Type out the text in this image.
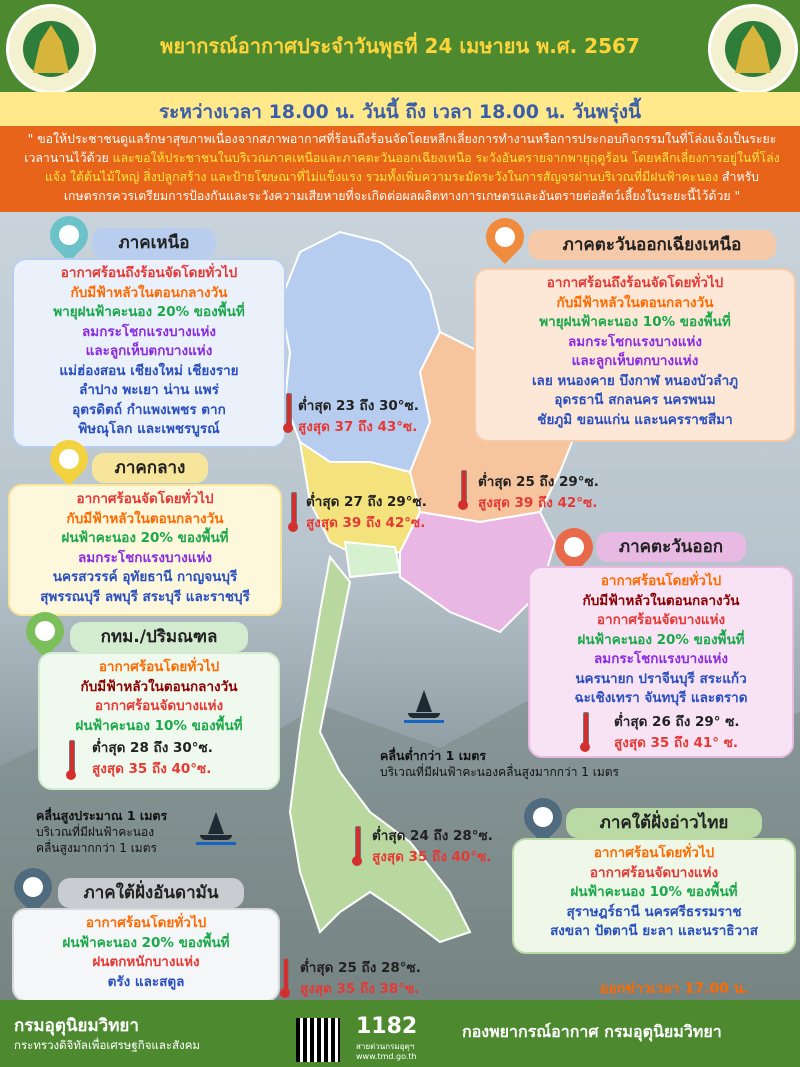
พยากรณ์อากาศประจำวันพุธที่ 24 เมษายน พ.ศ. 2567
ระหว่างเวลา 18.00 น. วันนี้ ถึง เวลา 18.00 น. วันพรุ่งนี้
" ขอให้ประชาชนดูแลรักษาสุขภาพเนื่องจากสภาพอากาศที่ร้อนถึงร้อนจัดโดยหลีกเลี่ยงการทำงานหรือการประกอบกิจกรรมในที่โล่งแจ้งเป็นระยะเวลานานไว้ด้วย และขอให้ประชาชนในบริเวณภาคเหนือและภาคตะวันออกเฉียงเหนือ ระวังอันตรายจากพายุฤดูร้อน โดยหลีกเลี่ยงการอยู่ในที่โล่งแจ้ง ใต้ต้นไม้ใหญ่ สิ่งปลูกสร้าง และป้ายโฆษณาที่ไม่แข็งแรง รวมทั้งเพิ่มความระมัดระวังในการสัญจรผ่านบริเวณที่มีฝนฟ้าคะนอง สำหรับเกษตรกรควรเตรียมการป้องกันและระวังความเสียหายที่จะเกิดต่อผลผลิตทางการเกษตรและอันตรายต่อสัตว์เลี้ยงในระยะนี้ไว้ด้วย "
ภาคเหนือ
อากาศร้อนถึงร้อนจัดโดยทั่วไป
กับมีฟ้าหลัวในตอนกลางวัน
พายุฝนฟ้าคะนอง 20% ของพื้นที่
ลมกระโชกแรงบางแห่ง
และลูกเห็บตกบางแห่ง
แม่ฮ่องสอน เชียงใหม่ เชียงราย
ลำปาง พะเยา น่าน แพร่
อุตรดิตถ์ กำแพงเพชร ตาก
พิษณุโลก และเพชรบูรณ์
ต่ำสุด 23 ถึง 30°ซ.
สูงสุด 37 ถึง 43°ซ.
ภาคตะวันออกเฉียงเหนือ
อากาศร้อนถึงร้อนจัดโดยทั่วไป
กับมีฟ้าหลัวในตอนกลางวัน
พายุฝนฟ้าคะนอง 10% ของพื้นที่
ลมกระโชกแรงบางแห่ง
และลูกเห็บตกบางแห่ง
เลย หนองคาย บึงกาฬ หนองบัวลำภู
อุดรธานี สกลนคร นครพนม
ชัยภูมิ ขอนแก่น และนครราชสีมา
ต่ำสุด 25 ถึง 29°ซ.
สูงสุด 39 ถึง 42°ซ.
ภาคกลาง
อากาศร้อนจัดโดยทั่วไป
กับมีฟ้าหลัวในตอนกลางวัน
ฝนฟ้าคะนอง 20% ของพื้นที่
ลมกระโชกแรงบางแห่ง
นครสวรรค์ อุทัยธานี กาญจนบุรี
สุพรรณบุรี ลพบุรี สระบุรี และราชบุรี
ต่ำสุด 27 ถึง 29°ซ.
สูงสุด 39 ถึง 42°ซ.
ภาคตะวันออก
อากาศร้อนโดยทั่วไป
กับมีฟ้าหลัวในตอนกลางวัน
อากาศร้อนจัดบางแห่ง
ฝนฟ้าคะนอง 20% ของพื้นที่
ลมกระโชกแรงบางแห่ง
นครนายก ปราจีนบุรี สระแก้ว
ฉะเชิงเทรา จันทบุรี และตราด
ต่ำสุด 26 ถึง 29° ซ.
สูงสุด 35 ถึง 41° ซ.
กทม./ปริมณฑล
อากาศร้อนโดยทั่วไป
กับมีฟ้าหลัวในตอนกลางวัน
อากาศร้อนจัดบางแห่ง
ฝนฟ้าคะนอง 10% ของพื้นที่
ต่ำสุด 28 ถึง 30°ซ.
สูงสุด 35 ถึง 40°ซ.
คลื่นต่ำกว่า 1 เมตร
บริเวณที่มีฝนฟ้าคะนองคลื่นสูงมากกว่า 1 เมตร
คลื่นสูงประมาณ 1 เมตร
บริเวณที่มีฝนฟ้าคะนอง
คลื่นสูงมากกว่า 1 เมตร
ภาคใต้ฝั่งอ่าวไทย
อากาศร้อนโดยทั่วไป
อากาศร้อนจัดบางแห่ง
ฝนฟ้าคะนอง 10% ของพื้นที่
สุราษฎร์ธานี นครศรีธรรมราช
สงขลา ปัตตานี ยะลา และนราธิวาส
ต่ำสุด 24 ถึง 28°ซ.
สูงสุด 35 ถึง 40°ซ.
ภาคใต้ฝั่งอันดามัน
อากาศร้อนโดยทั่วไป
ฝนฟ้าคะนอง 20% ของพื้นที่
ฝนตกหนักบางแห่ง
ตรัง และสตูล
ต่ำสุด 25 ถึง 28°ซ.
สูงสุด 35 ถึง 38°ซ.	ออกข่าวเวลา 17.00 น.
กรมอุตุนิยมวิทยา
กระทรวงดิจิทัลเพื่อเศรษฐกิจและสังคม
1182
สายด่วนกรมอุตุฯ
www.tmd.go.th
กองพยากรณ์อากาศ กรมอุตุนิยมวิทยา
